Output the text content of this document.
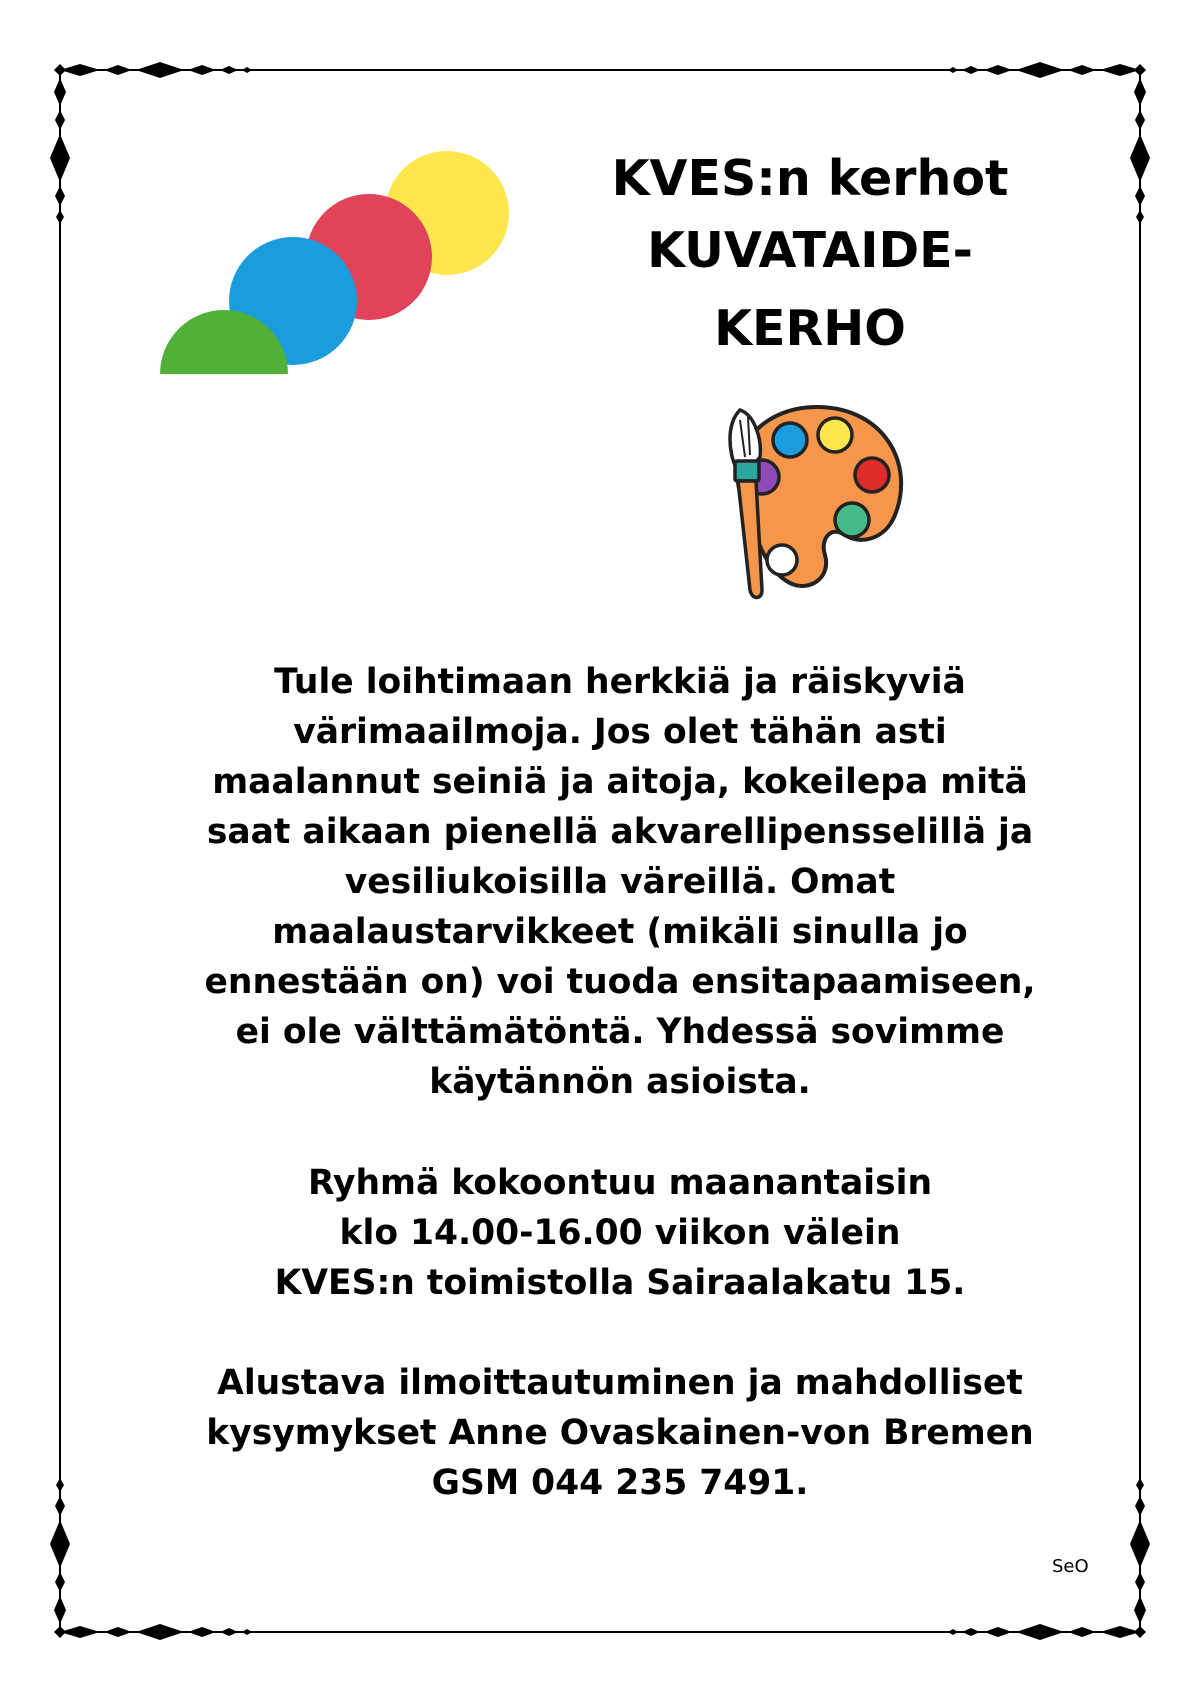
KVES:n kerhot
KUVATAIDE-
KERHO

Tule loihtimaan herkkiä ja räiskyviä
värimaailmoja. Jos olet tähän asti
maalannut seiniä ja aitoja, kokeilepa mitä
saat aikaan pienellä akvarellipensselillä ja
vesiliukoisilla väreillä. Omat
maalaustarvikkeet (mikäli sinulla jo
ennestään on) voi tuoda ensitapaamiseen,
ei ole välttämätöntä. Yhdessä sovimme
käytännön asioista.

Ryhmä kokoontuu maanantaisin
klo 14.00-16.00 viikon välein
KVES:n toimistolla Sairaalakatu 15.

Alustava ilmoittautuminen ja mahdolliset
kysymykset Anne Ovaskainen-von Bremen
GSM 044 235 7491.

SeO
